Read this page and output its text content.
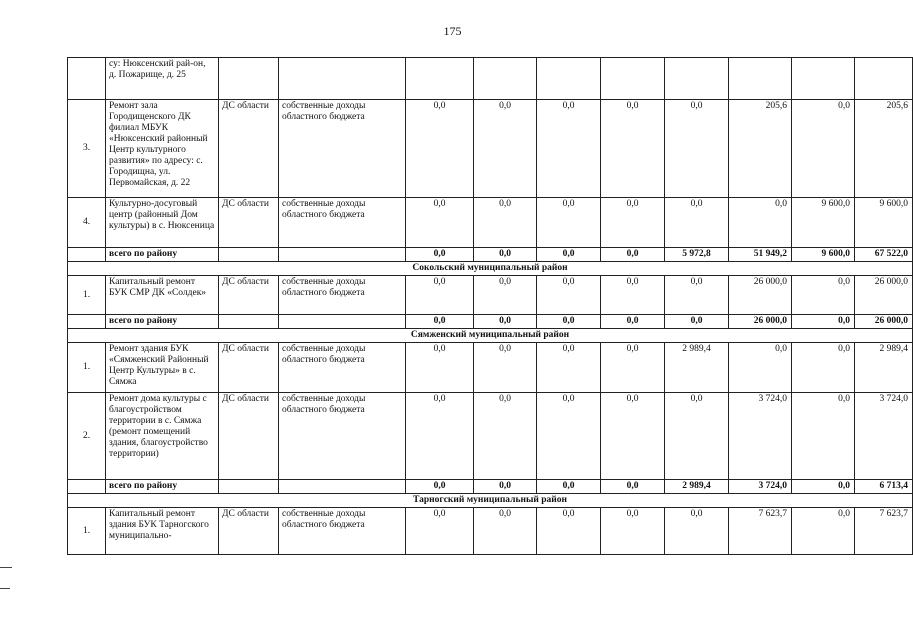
175
	су: Нюксенский рай-он, д. Пожарище, д. 25										
3.	Ремонт зала Городищенского ДК филиал МБУК «Нюксенский районный Центр культурного развития» по адресу: с. Городищна, ул. Первомайская, д. 22	ДС области	собственные доходы областного бюджета	0,0	0,0	0,0	0,0	0,0	205,6	0,0	205,6
4.	Культурно-досуговый центр (районный Дом культуры) в с. Нюксеница	ДС области	собственные доходы областного бюджета	0,0	0,0	0,0	0,0	0,0	0,0	9 600,0	9 600,0
	всего по району			0,0	0,0	0,0	0,0	5 972,8	51 949,2	9 600,0	67 522,0
Сокольский муниципальный район											
1.	Капитальный ремонт БУК СМР ДК «Солдек»	ДС области	собственные доходы областного бюджета	0,0	0,0	0,0	0,0	0,0	26 000,0	0,0	26 000,0
	всего по району			0,0	0,0	0,0	0,0	0,0	26 000,0	0,0	26 000,0
Сямженский муниципальный район											
1.	Ремонт здания БУК «Сямженский Районный Центр Культуры» в с. Сямжа	ДС области	собственные доходы областного бюджета	0,0	0,0	0,0	0,0	2 989,4	0,0	0,0	2 989,4
2.	Ремонт дома культуры с благоустройством территории в с. Сямжа (ремонт помещений здания, благоустройство территории)	ДС области	собственные доходы областного бюджета	0,0	0,0	0,0	0,0	0,0	3 724,0	0,0	3 724,0
	всего по району			0,0	0,0	0,0	0,0	2 989,4	3 724,0	0,0	6 713,4
Тарногский муниципальный район											
1.	Капитальный ремонт здания БУК Тарногского муниципально-	ДС области	собственные доходы областного бюджета	0,0	0,0	0,0	0,0	0,0	7 623,7	0,0	7 623,7
